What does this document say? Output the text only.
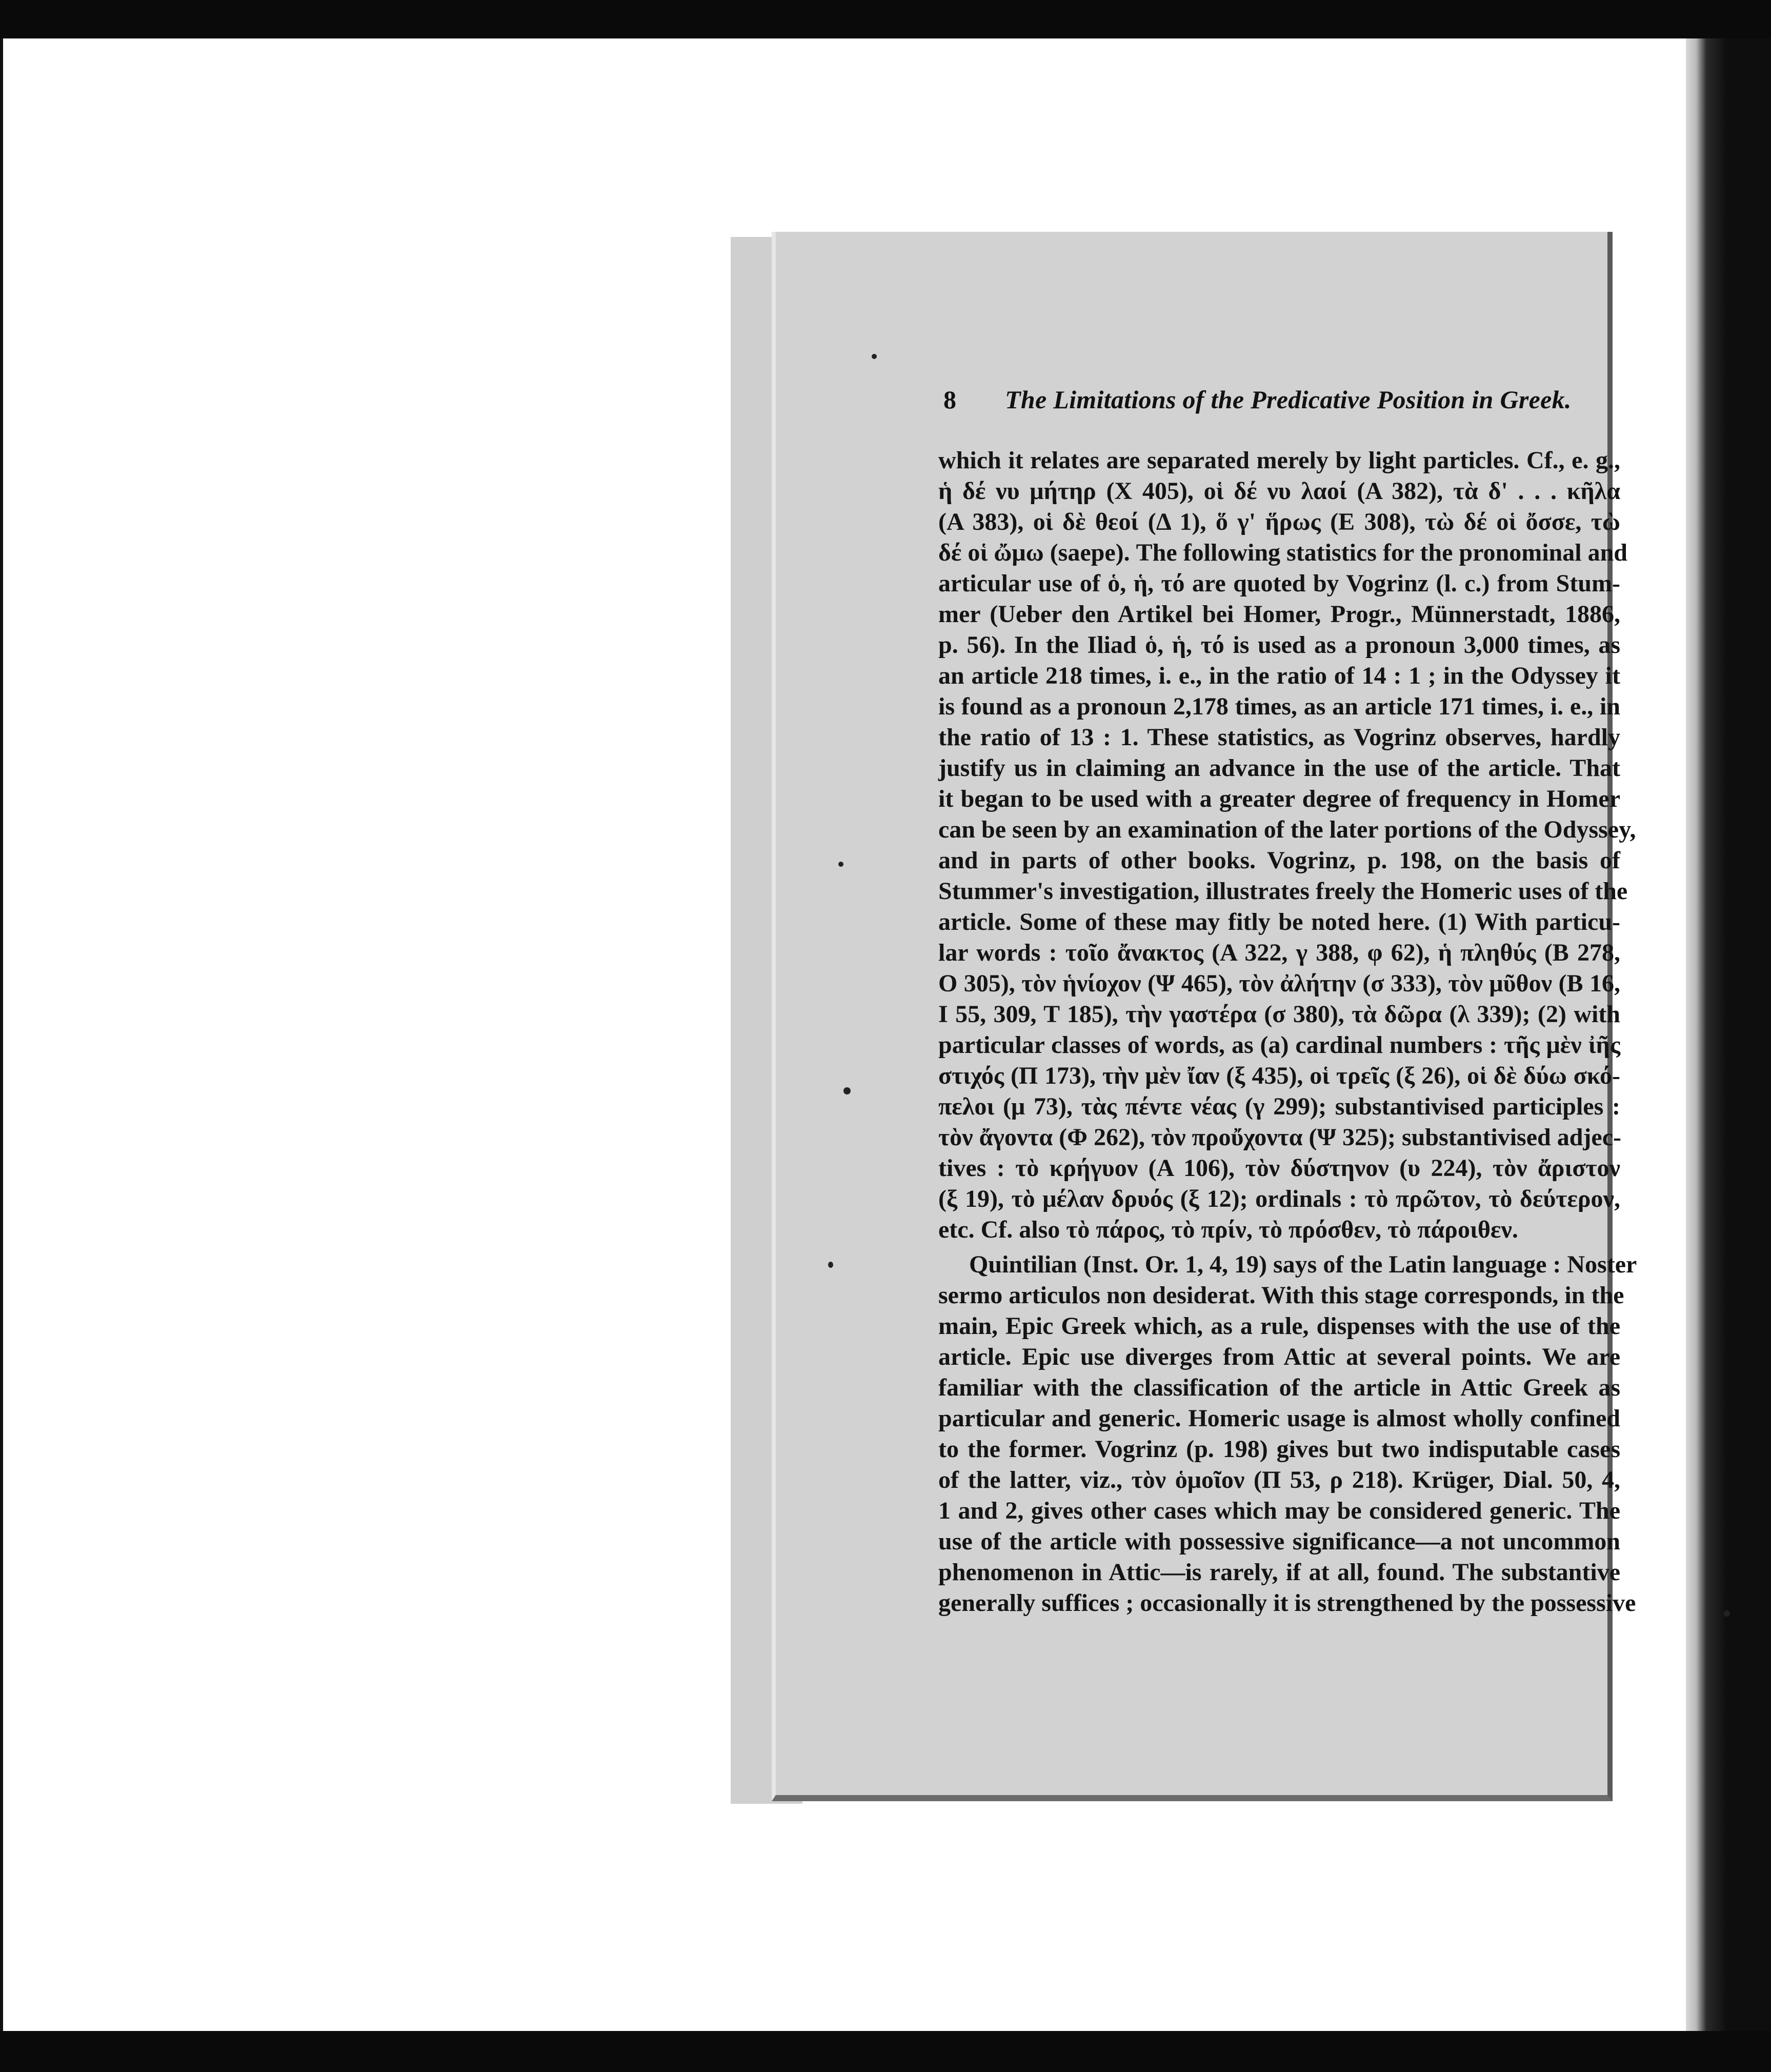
8 The Limitations of the Predicative Position in Greek.
which it relates are separated merely by light particles. Cf., e. g.,
ἡ δέ νυ μήτηρ (X 405), οἱ δέ νυ λαοί (A 382), τὰ δ' . . . κῆλα
(A 383), οἱ δὲ θεοί (Δ 1), ὅ γ' ἥρως (E 308), τὼ δέ οἱ ὄσσε, τὼ
δέ οἱ ὤμω (saepe). The following statistics for the pronominal and
articular use of ὁ, ἡ, τό are quoted by Vogrinz (l. c.) from Stum-
mer (Ueber den Artikel bei Homer, Progr., Münnerstadt, 1886,
p. 56). In the Iliad ὁ, ἡ, τό is used as a pronoun 3,000 times, as
an article 218 times, i. e., in the ratio of 14 : 1 ; in the Odyssey it
is found as a pronoun 2,178 times, as an article 171 times, i. e., in
the ratio of 13 : 1. These statistics, as Vogrinz observes, hardly
justify us in claiming an advance in the use of the article. That
it began to be used with a greater degree of frequency in Homer
can be seen by an examination of the later portions of the Odyssey,
and in parts of other books. Vogrinz, p. 198, on the basis of
Stummer's investigation, illustrates freely the Homeric uses of the
article. Some of these may fitly be noted here. (1) With particu-
lar words : τοῖο ἄνακτος (A 322, γ 388, φ 62), ἡ πληθύς (B 278,
O 305), τὸν ἡνίοχον (Ψ 465), τὸν ἀλήτην (σ 333), τὸν μῦθον (B 16,
I 55, 309, T 185), τὴν γαστέρα (σ 380), τὰ δῶρα (λ 339); (2) with
particular classes of words, as (a) cardinal numbers : τῆς μὲν ἰῆς
στιχός (Π 173), τὴν μὲν ἴαν (ξ 435), οἱ τρεῖς (ξ 26), οἱ δὲ δύω σκό-
πελοι (μ 73), τὰς πέντε νέας (γ 299); substantivised participles :
τὸν ἄγοντα (Φ 262), τὸν προὔχοντα (Ψ 325); substantivised adjec-
tives : τὸ κρήγυον (A 106), τὸν δύστηνον (υ 224), τὸν ἄριστον
(ξ 19), τὸ μέλαν δρυός (ξ 12); ordinals : τὸ πρῶτον, τὸ δεύτερον,
etc. Cf. also τὸ πάρος, τὸ πρίν, τὸ πρόσθεν, τὸ πάροιθεν.
Quintilian (Inst. Or. 1, 4, 19) says of the Latin language : Noster
sermo articulos non desiderat. With this stage corresponds, in the
main, Epic Greek which, as a rule, dispenses with the use of the
article. Epic use diverges from Attic at several points. We are
familiar with the classification of the article in Attic Greek as
particular and generic. Homeric usage is almost wholly confined
to the former. Vogrinz (p. 198) gives but two indisputable cases
of the latter, viz., τὸν ὁμοῖον (Π 53, ρ 218). Krüger, Dial. 50, 4,
1 and 2, gives other cases which may be considered generic. The
use of the article with possessive significance—a not uncommon
phenomenon in Attic—is rarely, if at all, found. The substantive
generally suffices ; occasionally it is strengthened by the possessive
